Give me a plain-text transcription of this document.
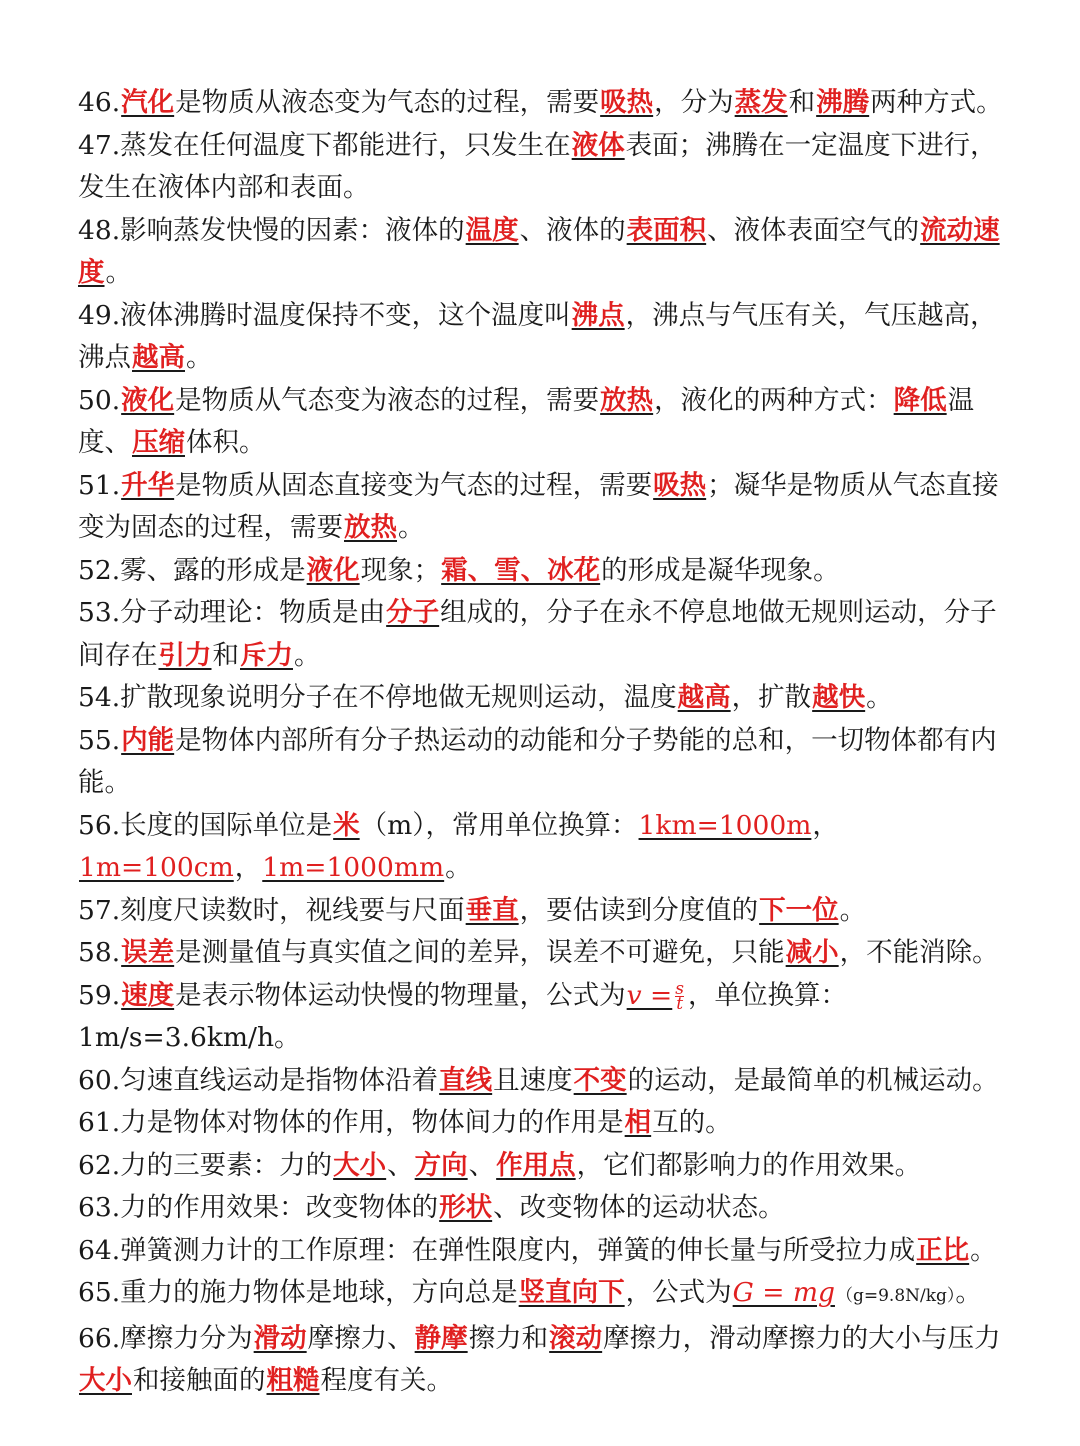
46.汽化是物质从液态变为气态的过程，需要吸热，分为蒸发和沸腾两种方式。

47.蒸发在任何温度下都能进行，只发生在液体表面；沸腾在一定温度下进行，发生在液体内部和表面。

48.影响蒸发快慢的因素：液体的温度、液体的表面积、液体表面空气的流动速度。

49.液体沸腾时温度保持不变，这个温度叫沸点，沸点与气压有关，气压越高，沸点越高。

50.液化是物质从气态变为液态的过程，需要放热，液化的两种方式：降低温度、压缩体积。

51.升华是物质从固态直接变为气态的过程，需要吸热；凝华是物质从气态直接变为固态的过程，需要放热。

52.雾、露的形成是液化现象；霜、雪、冰花的形成是凝华现象。

53.分子动理论：物质是由分子组成的，分子在永不停息地做无规则运动，分子间存在引力和斥力。

54.扩散现象说明分子在不停地做无规则运动，温度越高，扩散越快。

55.内能是物体内部所有分子热运动的动能和分子势能的总和，一切物体都有内能。

56.长度的国际单位是米（m），常用单位换算：1km=1000m，1m=100cm，1m=1000mm。

57.刻度尺读数时，视线要与尺面垂直，要估读到分度值的下一位。

58.误差是测量值与真实值之间的差异，误差不可避免，只能减小，不能消除。

59.速度是表示物体运动快慢的物理量，公式为$v = \frac{s}{t}$ ，单位换算：1m/s=3.6km/h。

60.匀速直线运动是指物体沿着直线且速度不变的运动，是最简单的机械运动。

61.力是物体对物体的作用，物体间力的作用是相互的。

62.力的三要素：力的大小、方向、作用点，它们都影响力的作用效果。

63.力的作用效果：改变物体的形状、改变物体的运动状态。

64.弹簧测力计的工作原理：在弹性限度内，弹簧的伸长量与所受拉力成正比。

65.重力的施力物体是地球，方向总是竖直向下，公式为G = mg（g=9.8N/kg）。

66.摩擦力分为滑动摩擦力、静摩擦力和滚动摩擦力，滑动摩擦力的大小与压力大小和接触面的粗糙程度有关。
